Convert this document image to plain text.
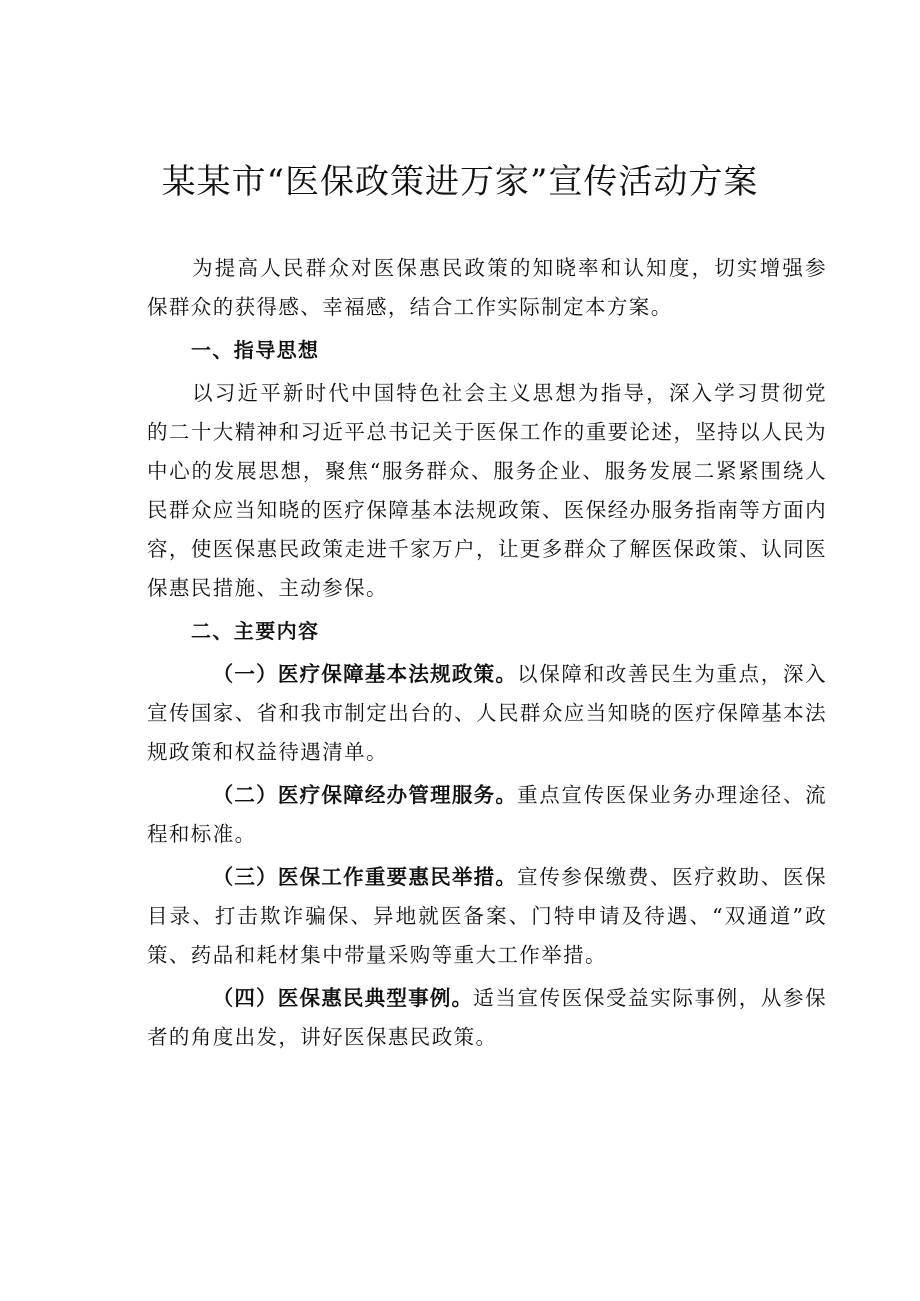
某某市“医保政策进万家”宣传活动方案

为提高人民群众对医保惠民政策的知晓率和认知度，切实增强参保群众的获得感、幸福感，结合工作实际制定本方案。

一、指导思想

以习近平新时代中国特色社会主义思想为指导，深入学习贯彻党的二十大精神和习近平总书记关于医保工作的重要论述，坚持以人民为中心的发展思想，聚焦“服务群众、服务企业、服务发展二紧紧围绕人民群众应当知晓的医疗保障基本法规政策、医保经办服务指南等方面内容，使医保惠民政策走进千家万户，让更多群众了解医保政策、认同医保惠民措施、主动参保。

二、主要内容

（一）医疗保障基本法规政策。以保障和改善民生为重点，深入宣传国家、省和我市制定出台的、人民群众应当知晓的医疗保障基本法规政策和权益待遇清单。

（二）医疗保障经办管理服务。重点宣传医保业务办理途径、流程和标准。

（三）医保工作重要惠民举措。宣传参保缴费、医疗救助、医保目录、打击欺诈骗保、异地就医备案、门特申请及待遇、“双通道”政策、药品和耗材集中带量采购等重大工作举措。

（四）医保惠民典型事例。适当宣传医保受益实际事例，从参保者的角度出发，讲好医保惠民政策。
